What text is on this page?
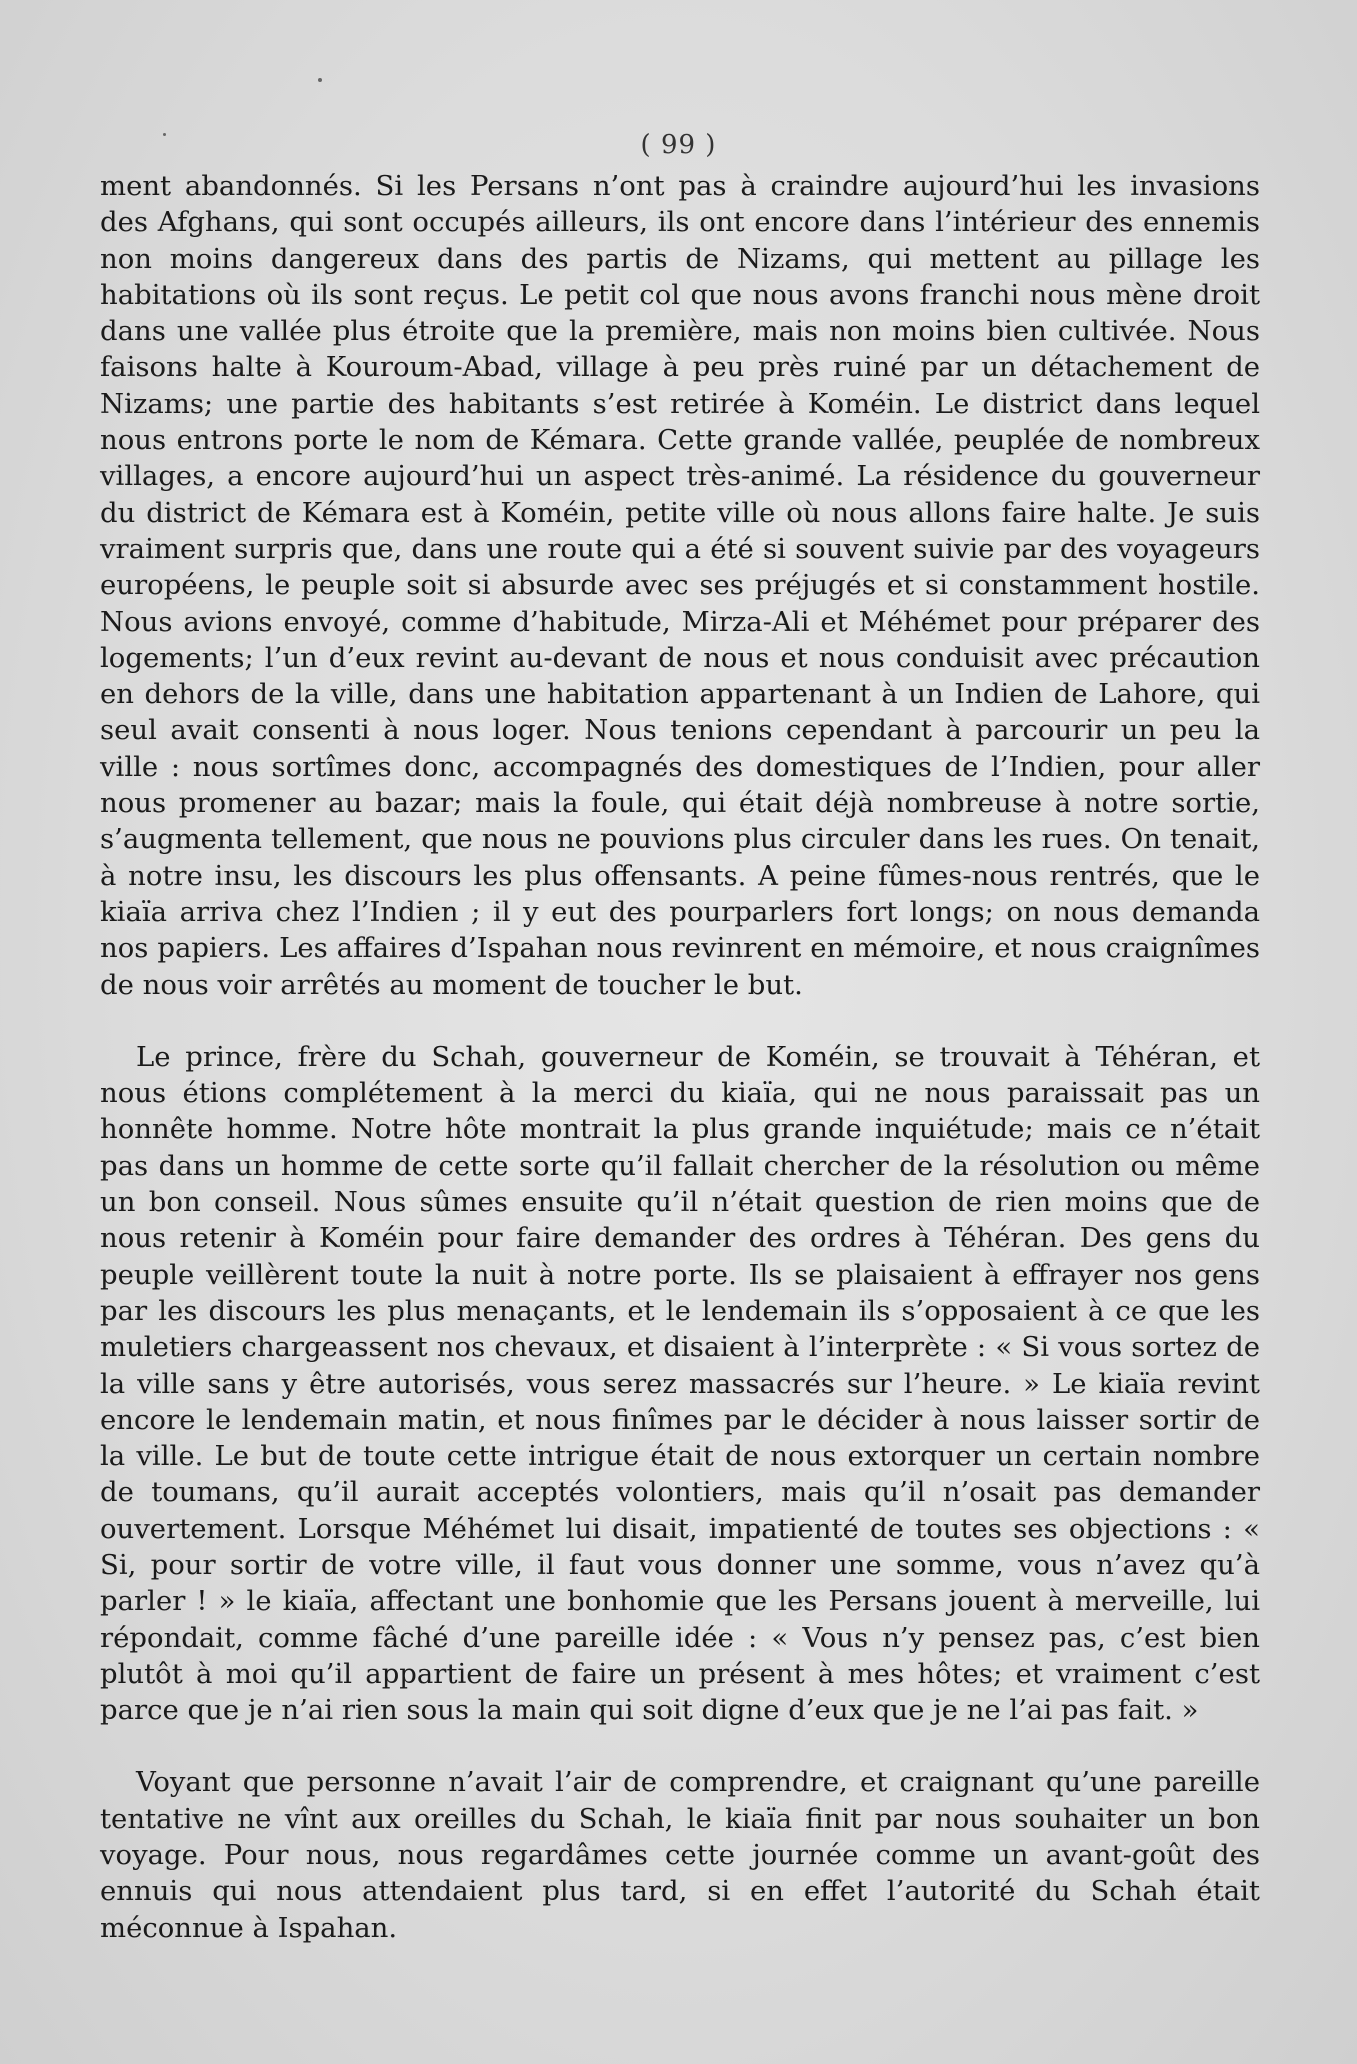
( 99 )

ment abandonnés. Si les Persans n’ont pas à craindre aujourd’hui les invasions des Afghans, qui sont occupés ailleurs, ils ont encore dans l’intérieur des ennemis non moins dangereux dans des partis de Nizams, qui mettent au pillage les habitations où ils sont reçus. Le petit col que nous avons franchi nous mène droit dans une vallée plus étroite que la première, mais non moins bien cultivée. Nous faisons halte à Kouroum-Abad, village à peu près ruiné par un détachement de Nizams; une partie des habitants s’est retirée à Koméin. Le district dans lequel nous entrons porte le nom de Kémara. Cette grande vallée, peuplée de nombreux villages, a encore aujourd’hui un aspect très-animé. La résidence du gouverneur du district de Kémara est à Koméin, petite ville où nous allons faire halte. Je suis vraiment surpris que, dans une route qui a été si souvent suivie par des voyageurs européens, le peuple soit si absurde avec ses préjugés et si constamment hostile. Nous avions envoyé, comme d’habitude, Mirza-Ali et Méhémet pour préparer des logements; l’un d’eux revint au-devant de nous et nous conduisit avec précaution en dehors de la ville, dans une habitation appartenant à un Indien de Lahore, qui seul avait consenti à nous loger. Nous tenions cependant à parcourir un peu la ville : nous sortîmes donc, accompagnés des domestiques de l’Indien, pour aller nous promener au bazar; mais la foule, qui était déjà nombreuse à notre sortie, s’augmenta tellement, que nous ne pouvions plus circuler dans les rues. On tenait, à notre insu, les discours les plus offensants. A peine fûmes-nous rentrés, que le kiaïa arriva chez l’Indien ; il y eut des pourparlers fort longs; on nous demanda nos papiers. Les affaires d’Ispahan nous revinrent en mémoire, et nous craignîmes de nous voir arrêtés au moment de toucher le but.

Le prince, frère du Schah, gouverneur de Koméin, se trouvait à Téhéran, et nous étions complétement à la merci du kiaïa, qui ne nous paraissait pas un honnête homme. Notre hôte montrait la plus grande inquiétude; mais ce n’était pas dans un homme de cette sorte qu’il fallait chercher de la résolution ou même un bon conseil. Nous sûmes ensuite qu’il n’était question de rien moins que de nous retenir à Koméin pour faire demander des ordres à Téhéran. Des gens du peuple veillèrent toute la nuit à notre porte. Ils se plaisaient à effrayer nos gens par les discours les plus menaçants, et le lendemain ils s’opposaient à ce que les muletiers chargeassent nos chevaux, et disaient à l’interprète : « Si vous sortez de la ville sans y être autorisés, vous serez massacrés sur l’heure. » Le kiaïa revint encore le lendemain matin, et nous finîmes par le décider à nous laisser sortir de la ville. Le but de toute cette intrigue était de nous extorquer un certain nombre de toumans, qu’il aurait acceptés volontiers, mais qu’il n’osait pas demander ouvertement. Lorsque Méhémet lui disait, impatienté de toutes ses objections : « Si, pour sortir de votre ville, il faut vous donner une somme, vous n’avez qu’à parler ! » le kiaïa, affectant une bonhomie que les Persans jouent à merveille, lui répondait, comme fâché d’une pareille idée : « Vous n’y pensez pas, c’est bien plutôt à moi qu’il appartient de faire un présent à mes hôtes; et vraiment c’est parce que je n’ai rien sous la main qui soit digne d’eux que je ne l’ai pas fait. »

Voyant que personne n’avait l’air de comprendre, et craignant qu’une pareille tentative ne vînt aux oreilles du Schah, le kiaïa finit par nous souhaiter un bon voyage. Pour nous, nous regardâmes cette journée comme un avant-goût des ennuis qui nous attendaient plus tard, si en effet l’autorité du Schah était méconnue à Ispahan.
